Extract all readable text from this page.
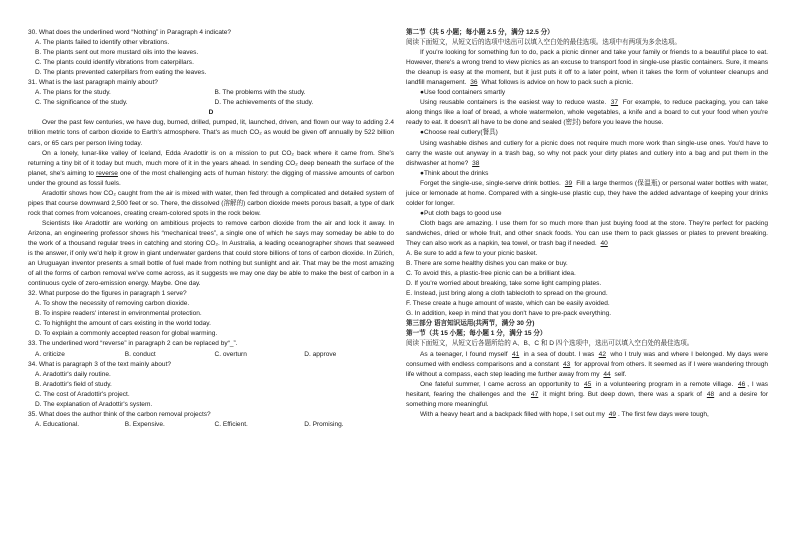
30. What does the underlined word “Nothing” in Paragraph 4 indicate?
A. The plants failed to identify other vibrations.
B. The plants sent out more mustard oils into the leaves.
C. The plants could identify vibrations from caterpillars.
D. The plants prevented caterpillars from eating the leaves.
31. What is the last paragraph mainly about?
A. The plans for the study.	B. The problems with the study.
C. The significance of the study.	D. The achievements of the study.
D
Over the past few centuries, we have dug, burned, drilled, pumped, lit, launched, driven, and flown our way to adding 2.4 trillion metric tons of carbon dioxide to Earth's atmosphere. That's as much CO₂ as would be given off annually by 522 billion cars, or 65 cars per person living today.
On a lonely, lunar-like valley of Iceland, Edda Aradottir is on a mission to put CO₂ back where it came from. She's returning a tiny bit of it today but much, much more of it in the years ahead. In sending CO₂ deep beneath the surface of the planet, she's aiming to reverse one of the most challenging acts of human history: the digging of massive amounts of carbon under the ground as fossil fuels.
Aradottir shows how CO₂ caught from the air is mixed with water, then fed through a complicated and detailed system of pipes that course downward 2,500 feet or so. There, the dissolved (溶解的) carbon dioxide meets porous basalt, a type of dark rock that comes from volcanoes, creating cream-colored spots in the rock below.
Scientists like Aradottir are working on ambitious projects to remove carbon dioxide from the air and lock it away. In Arizona, an engineering professor shows his “mechanical trees”, a single one of which he says may someday be able to do the work of a thousand regular trees in catching and storing CO₂. In Australia, a leading oceanographer shows that seaweed is the answer, if only we'd help it grow in giant underwater gardens that could store billions of tons of carbon dioxide. In Zürich, an Uruguayan inventor presents a small bottle of fuel made from nothing but sunlight and air. That may be the most amazing of all the forms of carbon removal we've come across, as it suggests we may one day be able to make the best of carbon in a continuous cycle of zero-emission energy. Maybe. One day.
32. What purpose do the figures in paragraph 1 serve?
A. To show the necessity of removing carbon dioxide.
B. To inspire readers' interest in environmental protection.
C. To highlight the amount of cars existing in the world today.
D. To explain a commonly accepted reason for global warming.
33. The underlined word “reverse” in paragraph 2 can be replaced by“_”.
A. criticize	B. conduct	C. overturn	D. approve
34. What is paragraph 3 of the text mainly about?
A. Aradottir's daily routine.
B. Aradottir's field of study.
C. The cost of Aradottir's project.
D. The explanation of Aradottir's system.
35. What does the author think of the carbon removal projects?
A. Educational.	B. Expensive.	C. Efficient.	D. Promising.
第二节（共 5 小题；每小题 2.5 分，满分 12.5 分）
阅读下面短文，从短文后的选项中选出可以填入空白处的最佳选项。选项中有两项为多余选项。
If you're looking for something fun to do, pack a picnic dinner and take your family or friends to a beautiful place to eat. However, there's a wrong trend to view picnics as an excuse to transport food in single-use plastic containers. Sure, it means the cleanup is easy at the moment, but it just puts it off to a later point, when it takes the form of volunteer cleanups and landfill management. 36 What follows is advice on how to pack such a picnic.
●Use food containers smartly
Using reusable containers is the easiest way to reduce waste. 37 For example, to reduce packaging, you can take along things like a loaf of bread, a whole watermelon, whole vegetables, a knife and a board to cut your food when you're ready to eat. It doesn't all have to be done and sealed (密封) before you leave the house.
●Choose real cutlery(餐具)
Using washable dishes and cutlery for a picnic does not require much more work than single-use ones. You'd have to carry the waste out anyway in a trash bag, so why not pack your dirty plates and cutlery into a bag and put them in the dishwasher at home? 38
●Think about the drinks
Forget the single-use, single-serve drink bottles. 39 Fill a large thermos (保温瓶) or personal water bottles with water, juice or lemonade at home. Compared with a single-use plastic cup, they have the added advantage of keeping your drinks colder for longer.
●Put cloth bags to good use
Cloth bags are amazing. I use them for so much more than just buying food at the store. They're perfect for packing sandwiches, dried or whole fruit, and other snack foods. You can use them to pack glasses or plates to prevent breaking. They can also work as a napkin, tea towel, or trash bag if needed. 40
A. Be sure to add a few to your picnic basket.
B. There are some healthy dishes you can make or buy.
C. To avoid this, a plastic-free picnic can be a brilliant idea.
D. If you're worried about breaking, take some light camping plates.
E. Instead, just bring along a cloth tablecloth to spread on the ground.
F. These create a huge amount of waste, which can be easily avoided.
G. In addition, keep in mind that you don't have to pre-pack everything.
第三部分 语言知识运用(共两节，满分 30 分)
第一节（共 15 小题；每小题 1 分，满分 15 分）
阅读下面短文，从短文后各题所给的 A、B、C 和 D 四个选项中，选出可以填入空白处的最佳选项。
As a teenager, I found myself 41 in a sea of doubt. I was 42 who I truly was and where I belonged. My days were consumed with endless comparisons and a constant 43 for approval from others. It seemed as if I were wandering through life without a compass, each step leading me further away from my 44 self.
One fateful summer, I came across an opportunity to 45 in a volunteering program in a remote village. 46 , I was hesitant, fearing the challenges and the 47 it might bring. But deep down, there was a spark of 48 and a desire for something more meaningful.
With a heavy heart and a backpack filled with hope, I set out my 49 . The first few days were tough,
